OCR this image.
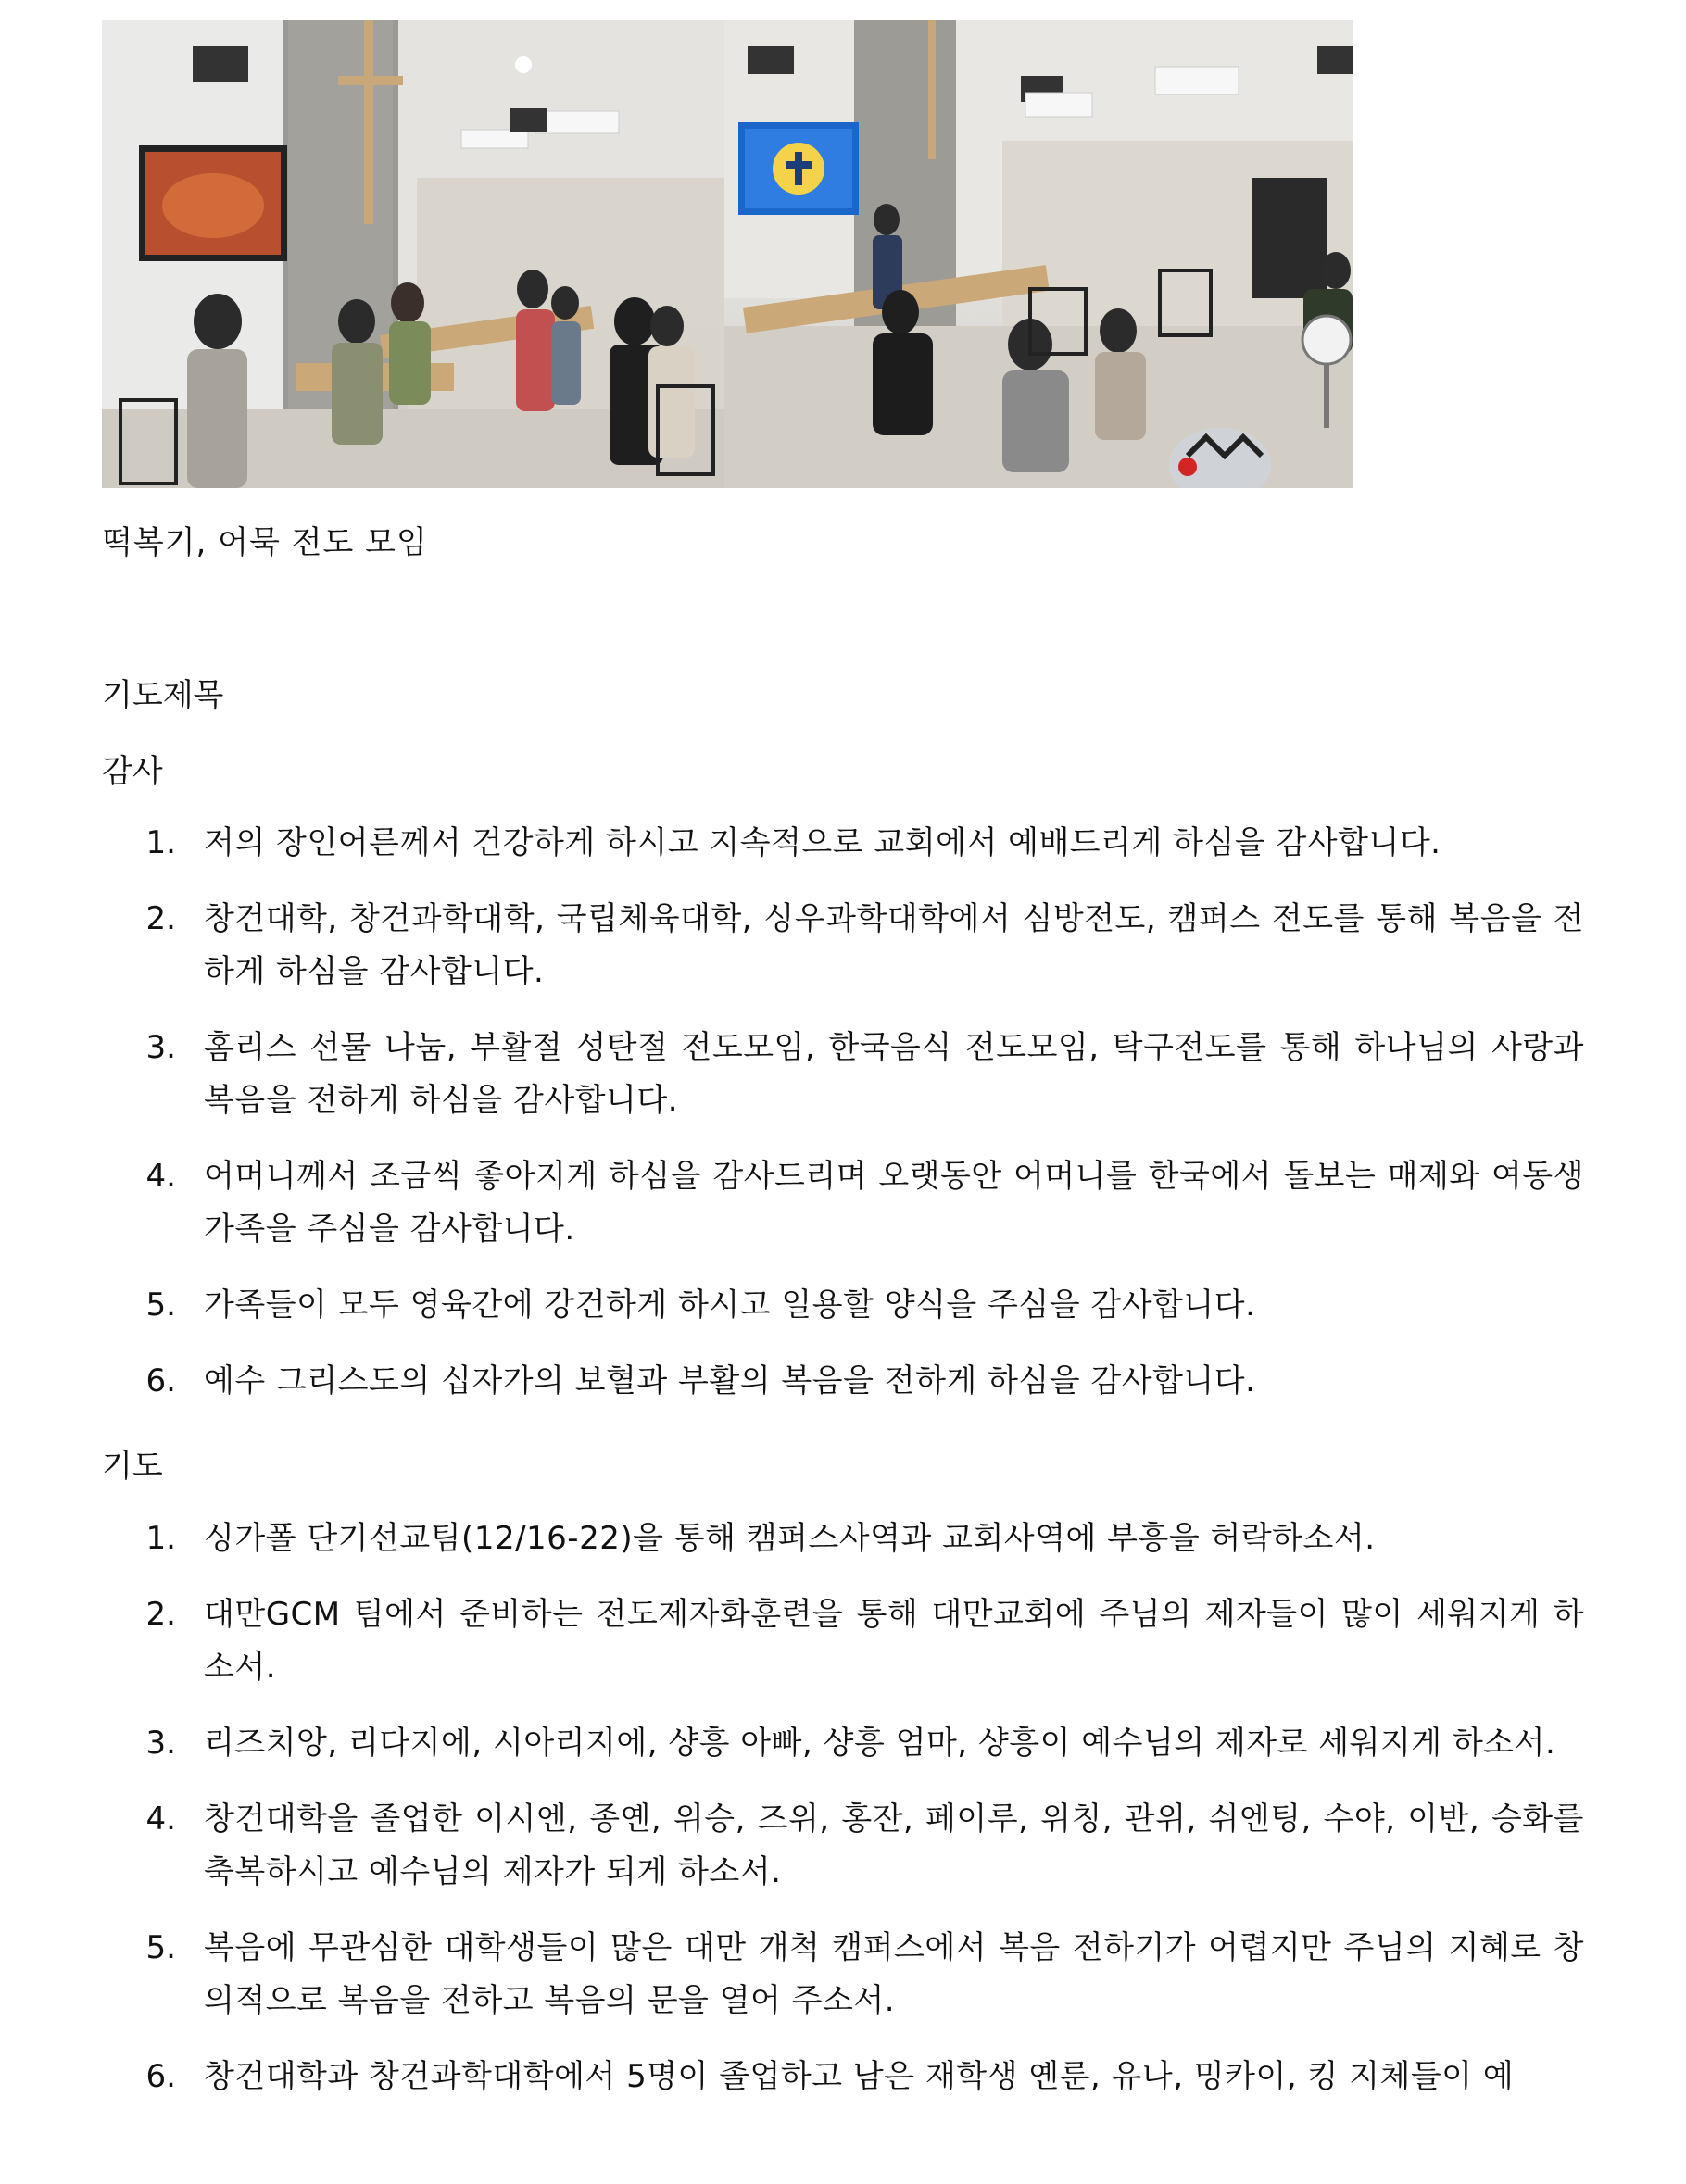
떡복기, 어묵 전도 모임
기도제목
감사
1. 저의 장인어른께서 건강하게 하시고 지속적으로 교회에서 예배드리게 하심을 감사합니다.
2. 창건대학, 창건과학대학, 국립체육대학, 싱우과학대학에서 심방전도, 캠퍼스 전도를 통해 복음을 전하게 하심을 감사합니다.
3. 홈리스 선물 나눔, 부활절 성탄절 전도모임, 한국음식 전도모임, 탁구전도를 통해 하나님의 사랑과 복음을 전하게 하심을 감사합니다.
4. 어머니께서 조금씩 좋아지게 하심을 감사드리며 오랫동안 어머니를 한국에서 돌보는 매제와 여동생 가족을 주심을 감사합니다.
5. 가족들이 모두 영육간에 강건하게 하시고 일용할 양식을 주심을 감사합니다.
6. 예수 그리스도의 십자가의 보혈과 부활의 복음을 전하게 하심을 감사합니다.
기도
1. 싱가폴 단기선교팀(12/16-22)을 통해 캠퍼스사역과 교회사역에 부흥을 허락하소서.
2. 대만GCM 팀에서 준비하는 전도제자화훈련을 통해 대만교회에 주님의 제자들이 많이 세워지게 하소서.
3. 리즈치앙, 리다지에, 시아리지에, 샹흥 아빠, 샹흥 엄마, 샹흥이 예수님의 제자로 세워지게 하소서.
4. 창건대학을 졸업한 이시엔, 종옌, 위승, 즈위, 홍잔, 페이루, 위칭, 관위, 쉬엔팅, 수야, 이반, 승화를 축복하시고 예수님의 제자가 되게 하소서.
5. 복음에 무관심한 대학생들이 많은 대만 개척 캠퍼스에서 복음 전하기가 어렵지만 주님의 지혜로 창의적으로 복음을 전하고 복음의 문을 열어 주소서.
6. 창건대학과 창건과학대학에서 5명이 졸업하고 남은 재학생 옌룬, 유나, 밍카이, 킹 지체들이 예
